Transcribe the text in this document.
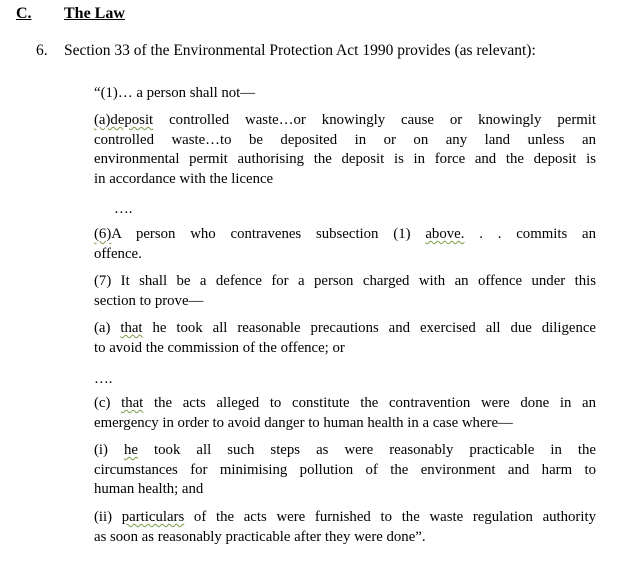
C. The Law
6. Section 33 of the Environmental Protection Act 1990 provides (as relevant):
“(1)… a person shall not—
(a)deposit controlled waste…or knowingly cause or knowingly permit
controlled waste…to be deposited in or on any land unless an
environmental permit authorising the deposit is in force and the deposit is
in accordance with the licence
….
(6)A person who contravenes subsection (1) above. . . commits an
offence.
(7) It shall be a defence for a person charged with an offence under this
section to prove—
(a) that he took all reasonable precautions and exercised all due diligence
to avoid the commission of the offence; or
….
(c) that the acts alleged to constitute the contravention were done in an
emergency in order to avoid danger to human health in a case where—
(i) he took all such steps as were reasonably practicable in the
circumstances for minimising pollution of the environment and harm to
human health; and
(ii) particulars of the acts were furnished to the waste regulation authority
as soon as reasonably practicable after they were done”.
